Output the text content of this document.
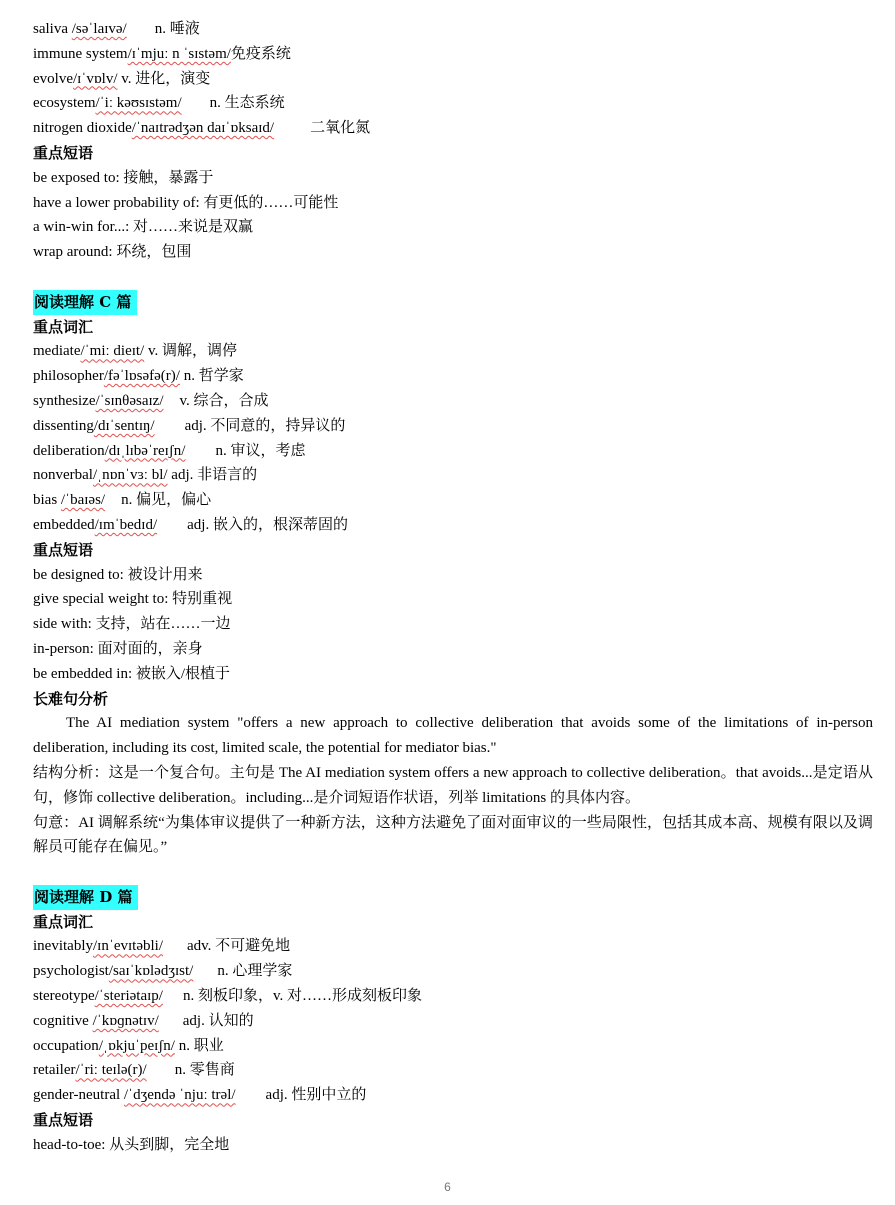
saliva /səˈlaɪvə/ n. 唾液
immune system/ɪˈmjuː n ˈsɪstəm/免疫系统
evolve/ɪˈvɒlv/ v. 进化，演变
ecosystem/ˈiː kəʊsɪstəm/ n. 生态系统
nitrogen dioxide/ˈnaɪtrədʒən daɪˈɒksaɪd/ 二氧化氮
重点短语
be exposed to: 接触，暴露于
have a lower probability of: 有更低的……可能性
a win-win for...: 对……来说是双赢
wrap around: 环绕，包围
阅读理解 C 篇
重点词汇
mediate/ˈmiː dieɪt/ v. 调解，调停
philosopher/fəˈlɒsəfə(r)/ n. 哲学家
synthesize/ˈsɪnθəsaɪz/ v. 综合，合成
dissenting/dɪˈsentɪŋ/ adj. 不同意的，持异议的
deliberation/dɪˌlɪbəˈreɪʃn/ n. 审议，考虑
nonverbal/ˌnɒnˈvɜː bl/ adj. 非语言的
bias /ˈbaɪəs/ n. 偏见，偏心
embedded/ɪmˈbedɪd/ adj. 嵌入的，根深蒂固的
重点短语
be designed to: 被设计用来
give special weight to: 特别重视
side with: 支持，站在……一边
in-person: 面对面的，亲身
be embedded in: 被嵌入/根植于
长难句分析
The AI mediation system "offers a new approach to collective deliberation that avoids some of the limitations of in-person deliberation, including its cost, limited scale, the potential for mediator bias."
结构分析：这是一个复合句。主句是 The AI mediation system offers a new approach to collective deliberation。that avoids...是定语从句，修饰 collective deliberation。including...是介词短语作状语，列举 limitations 的具体内容。
句意：AI 调解系统“为集体审议提供了一种新方法，这种方法避免了面对面审议的一些局限性，包括其成本高、规模有限以及调解员可能存在偏见。”
阅读理解 D 篇
重点词汇
inevitably/ɪnˈevɪtəbli/ adv. 不可避免地
psychologist/saɪˈkɒlədʒɪst/ n. 心理学家
stereotype/ˈsteriətaɪp/ n. 刻板印象，v. 对……形成刻板印象
cognitive /ˈkɒɡnətɪv/ adj. 认知的
occupation/ˌɒkjuˈpeɪʃn/ n. 职业
retailer/ˈriː teɪlə(r)/ n. 零售商
gender-neutral /ˈdʒendə ˈnjuː trəl/ adj. 性别中立的
重点短语
head-to-toe: 从头到脚，完全地
6
